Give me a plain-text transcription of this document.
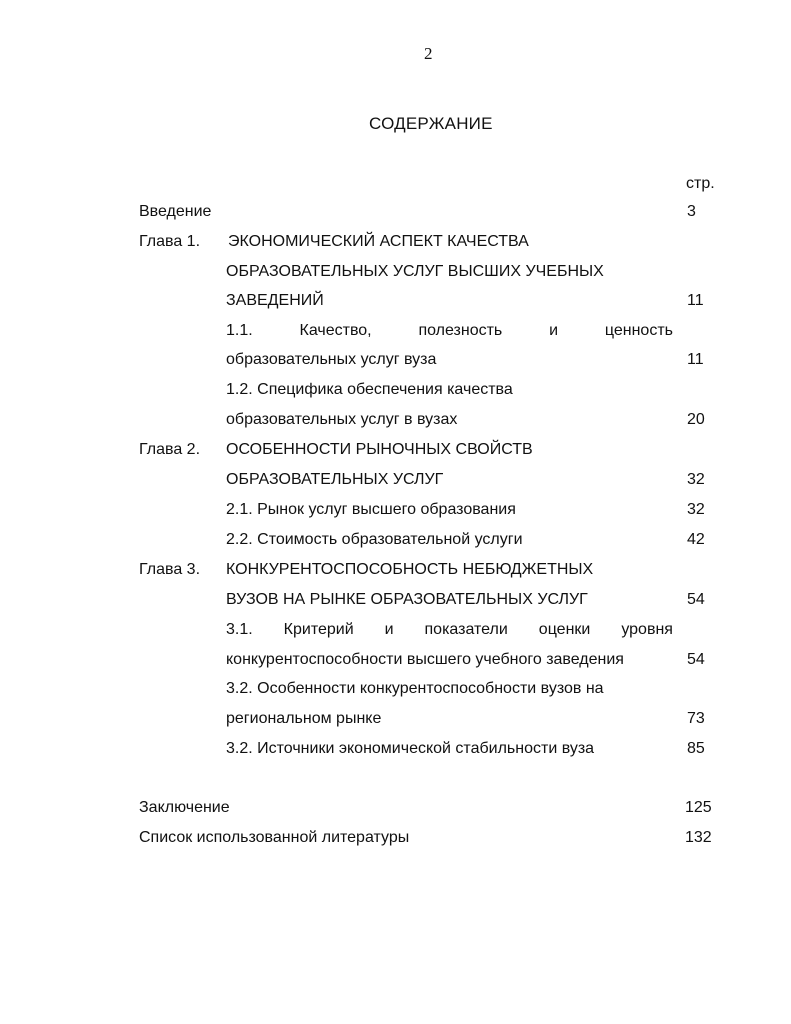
2
СОДЕРЖАНИЕ
стр.
Введение	3
Глава 1. ЭКОНОМИЧЕСКИЙ АСПЕКТ КАЧЕСТВА
ОБРАЗОВАТЕЛЬНЫХ УСЛУГ ВЫСШИХ УЧЕБНЫХ
ЗАВЕДЕНИЙ	11
1.1.	Качество,	полезность	и	ценность
образовательных услуг вуза	11
1.2. Специфика обеспечения качества
образовательных услуг в вузах	20
Глава 2. ОСОБЕННОСТИ РЫНОЧНЫХ СВОЙСТВ
ОБРАЗОВАТЕЛЬНЫХ УСЛУГ	32
2.1. Рынок услуг высшего образования	32
2.2. Стоимость образовательной услуги	42
Глава 3. КОНКУРЕНТОСПОСОБНОСТЬ НЕБЮДЖЕТНЫХ
ВУЗОВ НА РЫНКЕ ОБРАЗОВАТЕЛЬНЫХ УСЛУГ	54
3.1. Критерий и показатели оценки уровня
конкурентоспособности высшего учебного заведения	54
3.2. Особенности конкурентоспособности вузов на
региональном рынке	73
3.2. Источники экономической стабильности вуза	85
Заключение	125
Список использованной литературы	132
